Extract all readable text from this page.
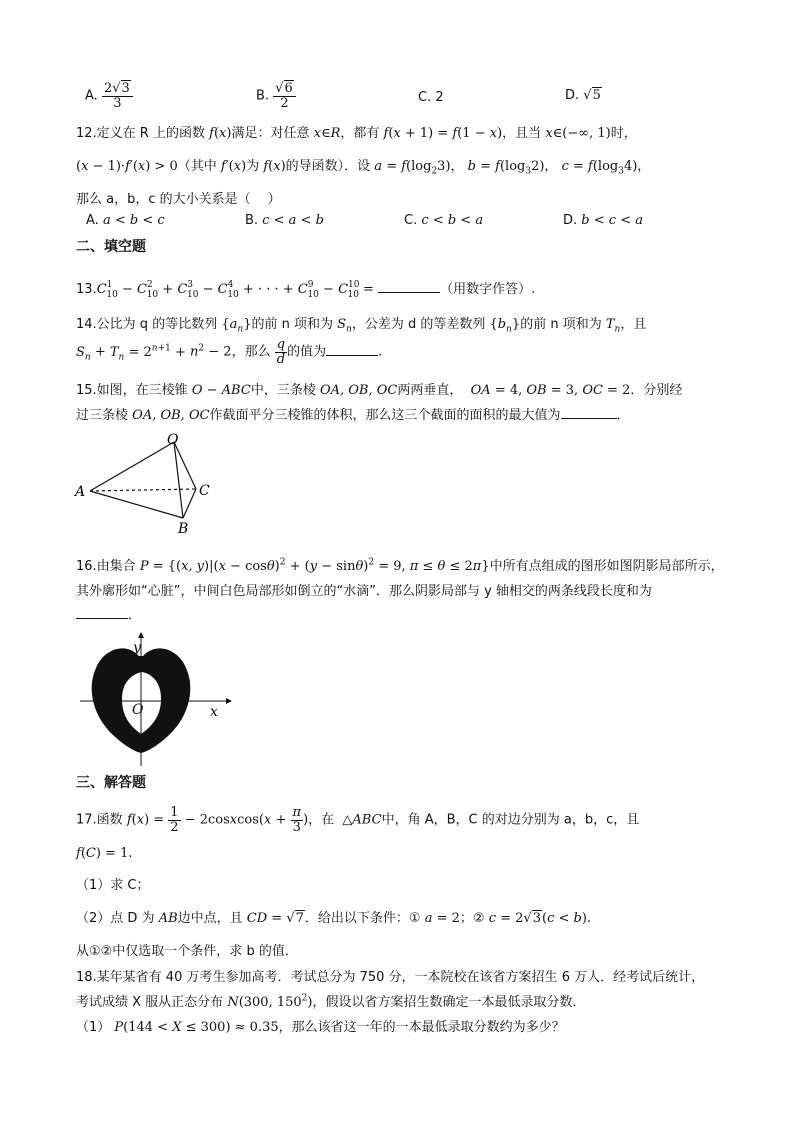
A. $\frac{2√3}{3}$	B. $\frac{√6}{2}$	C. 2	D. √5
12.定义在 R 上的函数 f(x)满足：对任意 x∈R，都有 f(x + 1) = f(1 − x)，且当 x∈(−∞, 1)时，
(x − 1)·f′(x) > 0（其中 f′(x)为 f(x)的导函数）．设 $a = f(\log_23)$， $b = f(\log_32)$， $c = f(\log_34)$，
那么 a，b，c 的大小关系是（　 ）
A. a < b < c	B. c < a < b	C. c < b < a	D. b < c < a
二、填空题
$13.C_{110} - C_{210} + C_{310} - C_{410}$ + · · · + $C_{910} - C_{1010}$ =	（用数字作答）.
14.公比为 q 的等比数列 $\{a_n\}$的前 n 项和为 $S_n$，公差为 d 的等差数列 $\{b_n\}$的前 n 项和为 $T_n$，且
$S_n + T_n = 2^{n+1} + n^2 - 2$，那么 $\frac{q}{d}$ 的值为	.
15.如图，在三棱锥 O − ABC中，三条棱 OA, OB, OC两两垂直， OA = 4, OB = 3, OC = 2．分别经
过三条棱 OA, OB, OC作截面平分三棱锥的体积，那么这三个截面的面积的最大值为	．
O
A
B
C
16.由集合 P = {(x, $y)|(x - \cos\theta)^2 + (y - \sin\theta)^2 = 9$, π ≤ θ ≤ 2π}中所有点组成的图形如图阴影局部所示，
其外廓形如“心脏”，中间白色局部形如倒立的“水滴”．那么阴影局部与 y 轴相交的两条线段长度和为
．
y
x
O
三、解答题
17.函数 $f(x) = \frac{1}{2}$ − 2cosxcos(x + $\frac{\pi}{3}$ )，在 △ABC中，角 A，B，C 的对边分别为 a，b，c，且
f(C) = 1.
（1）求 C；
（2）点 D 为 AB边中点，且 CD = √7．给出以下条件：① a = 2；② c = 2√3(c < b).
从①②中仅选取一个条件，求 b 的值．
18.某年某省有 40 万考生参加高考．考试总分为 750 分，一本院校在该省方案招生 6 万人．经考试后统计，
考试成绩 X 服从正态分布 N(300, $150^2$)，假设以省方案招生数确定一本最低录取分数．
（1） P(144 < X ≤ 300) ≈ 0.35，那么该省这一年的一本最低录取分数约为多少？
